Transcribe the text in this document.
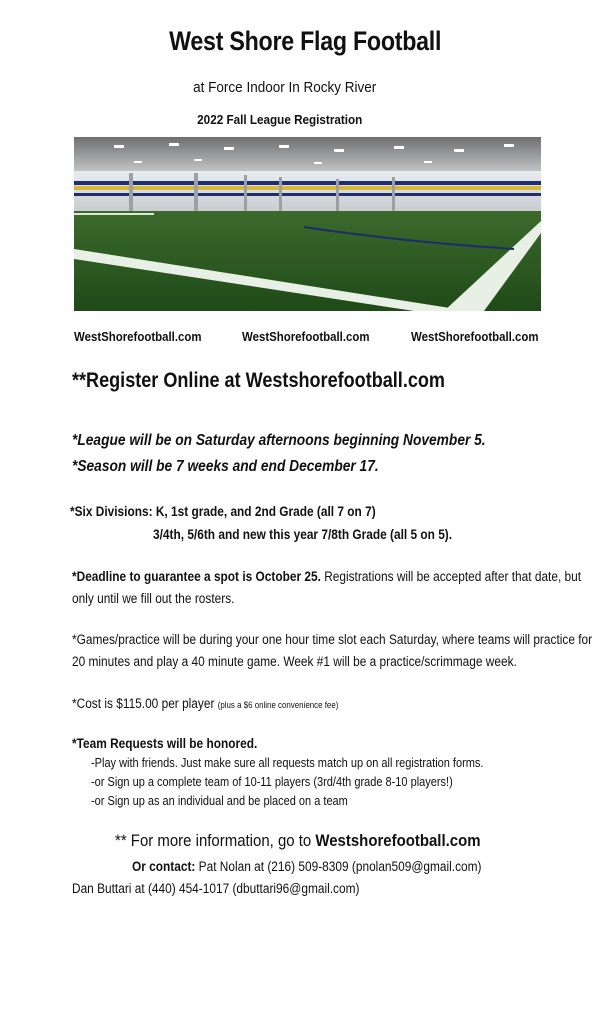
West Shore Flag Football
at Force Indoor In Rocky River
2022 Fall League Registration
WestShorefootball.com	WestShorefootball.com	WestShorefootball.com
**Register Online at Westshorefootball.com
*League will be on Saturday afternoons beginning November 5.
*Season will be 7 weeks and end December 17.
*Six Divisions: K, 1st grade, and 2nd Grade (all 7 on 7)
3/4th, 5/6th and new this year 7/8th Grade (all 5 on 5).
*Deadline to guarantee a spot is October 25. Registrations will be accepted after that date, but
only until we fill out the rosters.
*Games/practice will be during your one hour time slot each Saturday, where teams will practice for
20 minutes and play a 40 minute game. Week #1 will be a practice/scrimmage week.
*Cost is $115.00 per player (plus a $6 online convenience fee)
*Team Requests will be honored.
-Play with friends. Just make sure all requests match up on all registration forms.
-or Sign up a complete team of 10-11 players (3rd/4th grade 8-10 players!)
-or Sign up as an individual and be placed on a team
** For more information, go to Westshorefootball.com
Or contact: Pat Nolan at (216) 509-8309 (pnolan509@gmail.com)
Dan Buttari at (440) 454-1017 (dbuttari96@gmail.com)
